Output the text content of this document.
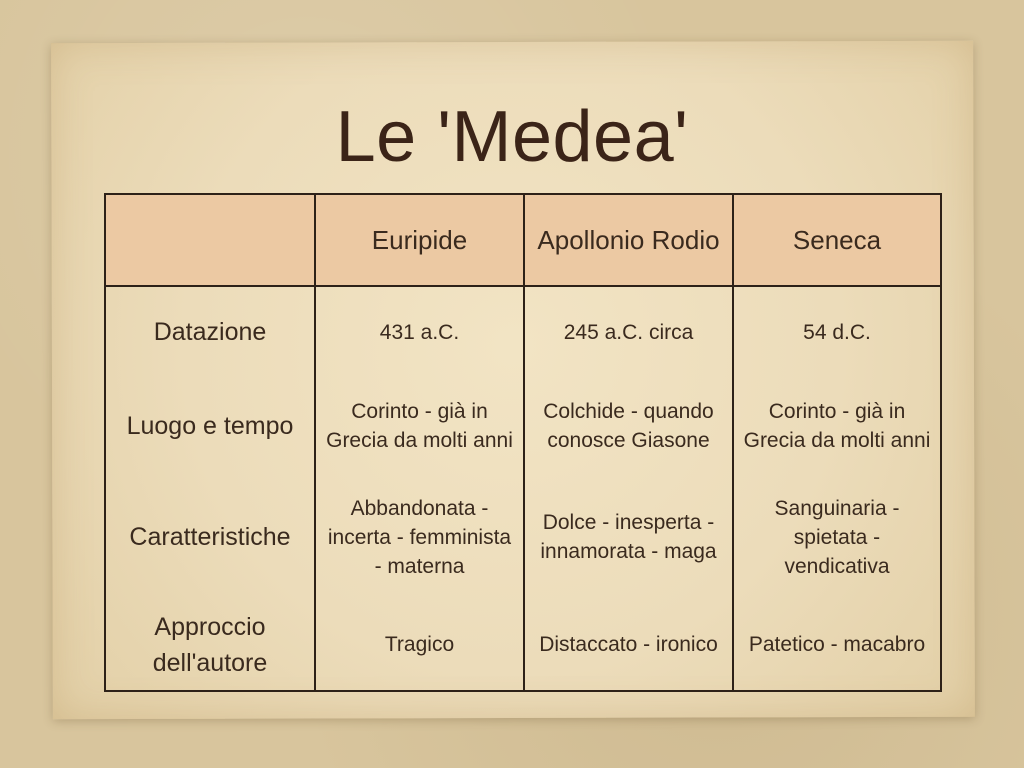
Le 'Medea'
	Euripide	Apollonio Rodio	Seneca
Datazione	431 a.C.	245 a.C. circa	54 d.C.
Luogo e tempo	Corinto - già in Grecia da molti anni	Colchide - quando conosce Giasone	Corinto - già in Grecia da molti anni
Caratteristiche	Abbandonata - incerta - femminista - materna	Dolce - inesperta - innamorata - maga	Sanguinaria - spietata - vendicativa
Approccio dell'autore	Tragico	Distaccato - ironico	Patetico - macabro
